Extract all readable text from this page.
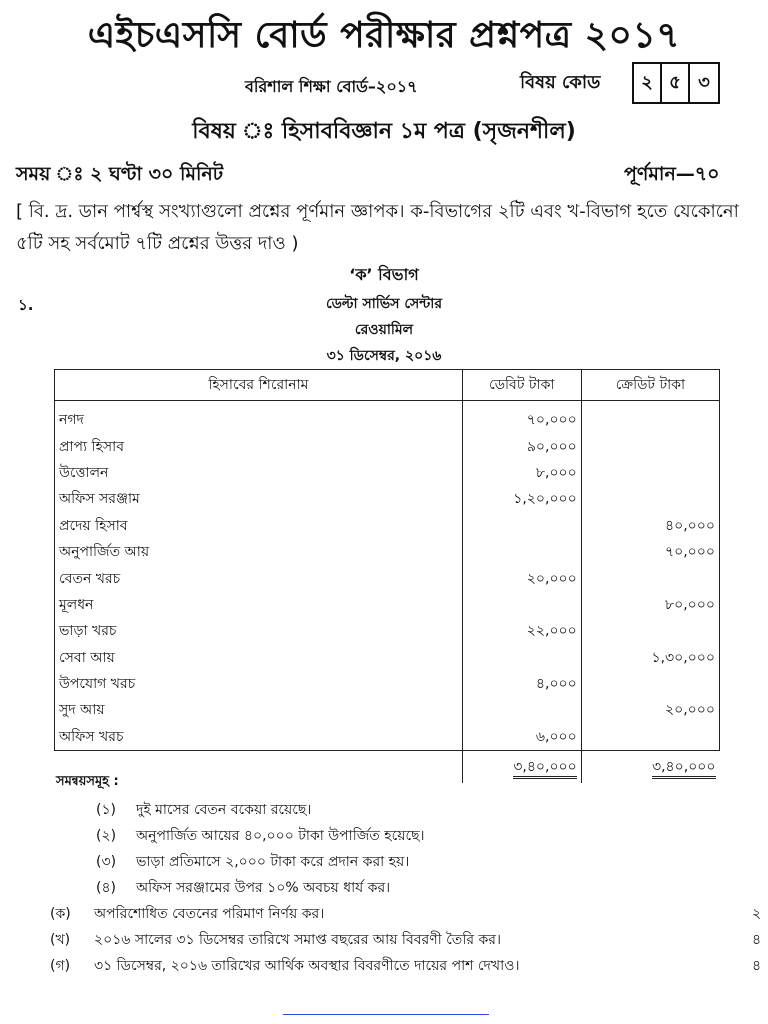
এইচএসসি বোর্ড পরীক্ষার প্রশ্নপত্র ২০১৭
বরিশাল শিক্ষা বোর্ড–২০১৭	বিষয় কোড	২ ৫ ৩
বিষয় ঃ হিসাববিজ্ঞান ১ম পত্র (সৃজনশীল)
সময় ঃ ২ ঘণ্টা ৩০ মিনিট	পূর্ণমান—৭০
[ বি. দ্র. ডান পার্শ্বস্থ সংখ্যাগুলো প্রশ্নের পূর্ণমান জ্ঞাপক। ক-বিভাগের ২টি এবং খ-বিভাগ হতে যেকোনো ৫টি সহ সর্বমোট ৭টি প্রশ্নের উত্তর দাও )
‘ক’ বিভাগ
১.	ডেল্টা সার্ভিস সেন্টার
রেওয়ামিল
৩১ ডিসেম্বর, ২০১৬
হিসাবের শিরোনাম	ডেবিট টাকা	ক্রেডিট টাকা
নগদ	৭০,০০০	
প্রাপ্য হিসাব	৯০,০০০	
উত্তোলন	৮,০০০	
অফিস সরঞ্জাম	১,২০,০০০	
প্রদেয় হিসাব		৪০,০০০
অনুপার্জিত আয়		৭০,০০০
বেতন খরচ	২০,০০০	
মূলধন		৮০,০০০
ভাড়া খরচ	২২,০০০	
সেবা আয়		১,৩০,০০০
উপযোগ খরচ	৪,০০০	
সুদ আয়		২০,০০০
অফিস খরচ	৬,০০০	
	৩,৪০,০০০	৩,৪০,০০০
সমন্বয়সমূহ :
(১) দুই মাসের বেতন বকেয়া রয়েছে।
(২) অনুপার্জিত আয়ের ৪০,০০০ টাকা উপার্জিত হয়েছে।
(৩) ভাড়া প্রতিমাসে ২,০০০ টাকা করে প্রদান করা হয়।
(৪) অফিস সরঞ্জামের উপর ১০% অবচয় ধার্য কর।
(ক) অপরিশোধিত বেতনের পরিমাণ নির্ণয় কর।	২
(খ) ২০১৬ সালের ৩১ ডিসেম্বর তারিখে সমাপ্ত বছরের আয় বিবরণী তৈরি কর।	৪
(গ) ৩১ ডিসেম্বর, ২০১৬ তারিখের আর্থিক অবস্থার বিবরণীতে দায়ের পাশ দেখাও।	৪
